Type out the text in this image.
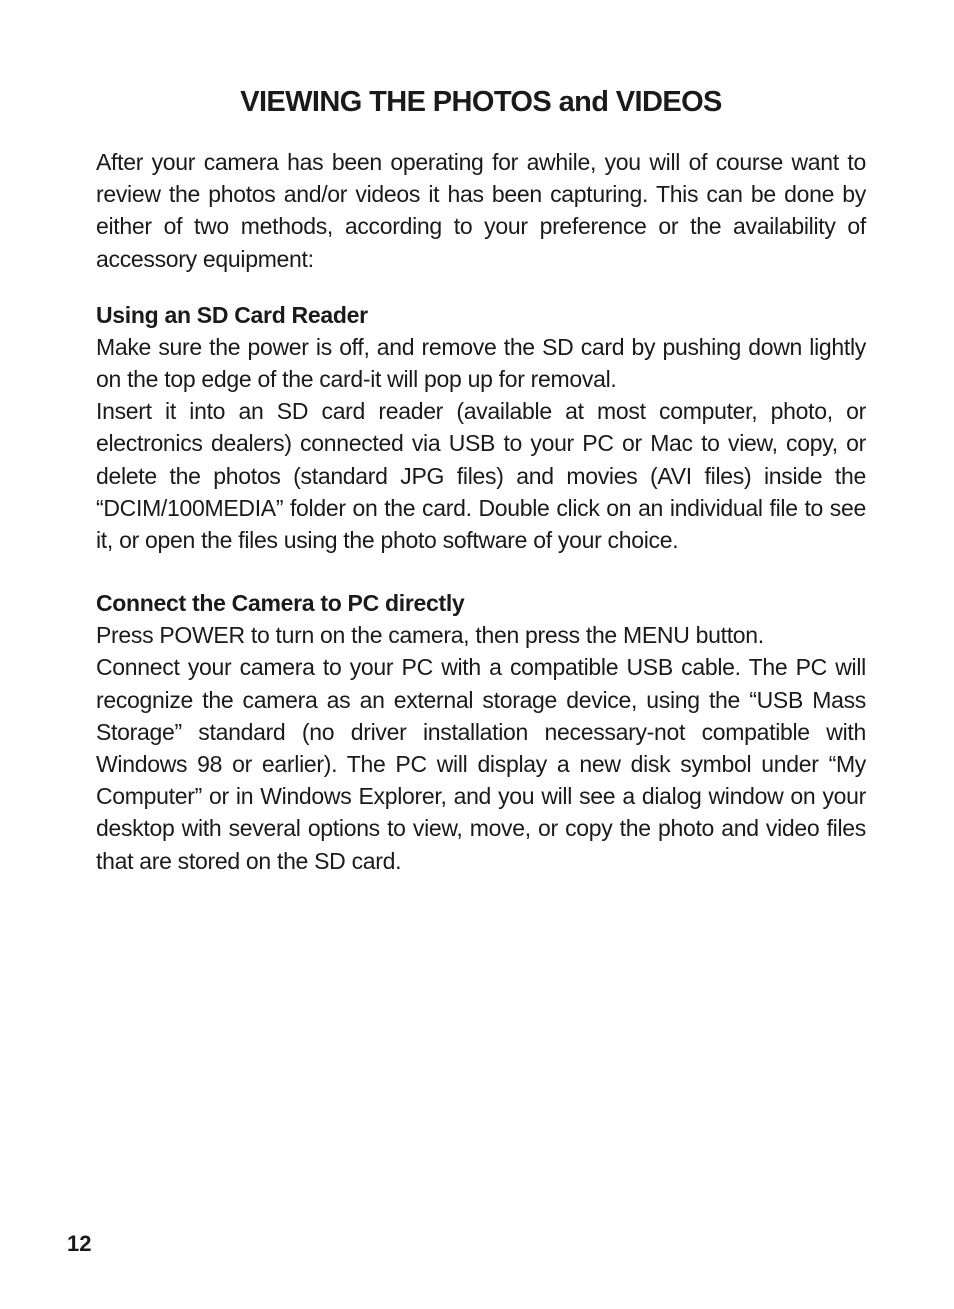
VIEWING THE PHOTOS and VIDEOS

After your camera has been operating for awhile, you will of course want to review the photos and/or videos it has been capturing. This can be done by either of two methods, according to your preference or the availability of accessory equipment:

Using an SD Card Reader

Make sure the power is off, and remove the SD card by pushing down lightly on the top edge of the card-it will pop up for removal.

Insert it into an SD card reader (available at most computer, photo, or electronics dealers) connected via USB to your PC or Mac to view, copy, or delete the photos (standard JPG files) and movies (AVI files) inside the “DCIM/100MEDIA” folder on the card. Double click on an individual file to see it, or open the files using the photo software of your choice.

Connect the Camera to PC directly

Press POWER to turn on the camera, then press the MENU button.

Connect your camera to your PC with a compatible USB cable. The PC will recognize the camera as an external storage device, using the “USB Mass Storage” standard (no driver installation necessary-not compatible with Windows 98 or earlier). The PC will display a new disk symbol under “My Computer” or in Windows Explorer, and you will see a dialog window on your desktop with several options to view, move, or copy the photo and video files that are stored on the SD card.

12
